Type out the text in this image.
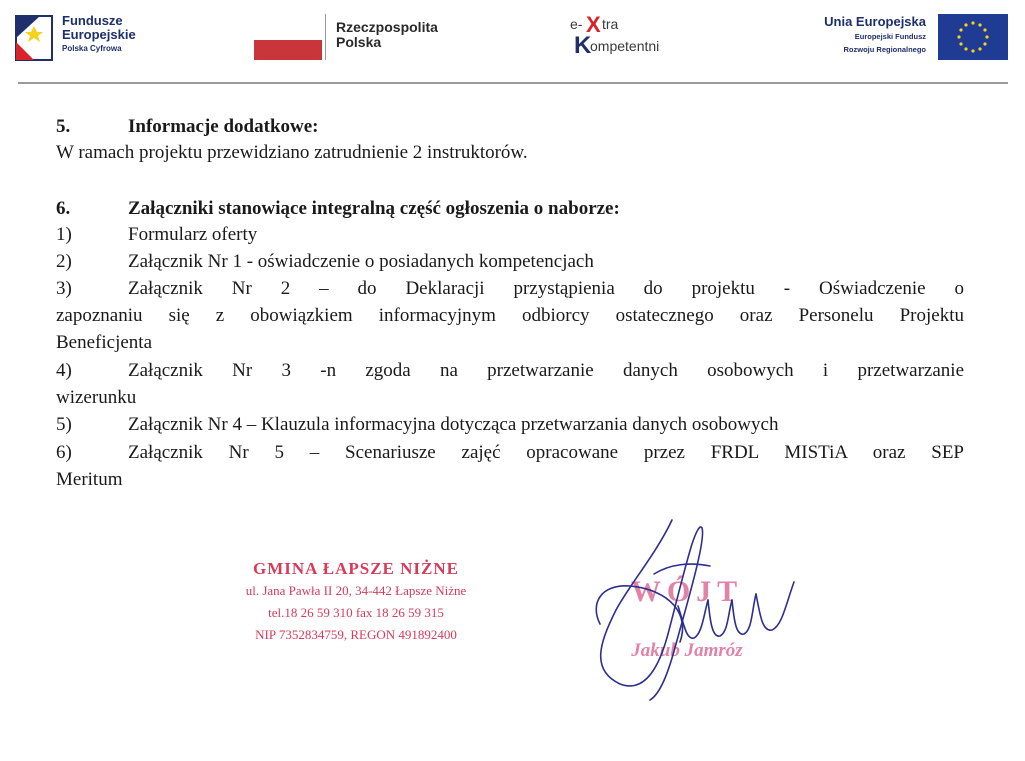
Fundusze
Europejskie
Polska Cyfrowa
Rzeczpospolita
Polska
e- X tra
K
ompetentni
Unia Europejska
Europejski Fundusz
Rozwoju Regionalnego
5.	Informacje dodatkowe:
W ramach projektu przewidziano zatrudnienie 2 instruktorów.
6.	Załączniki stanowiące integralną część ogłoszenia o naborze:
1)	Formularz oferty
2)	Załącznik Nr 1 - oświadczenie o posiadanych kompetencjach
3)	Załącznik Nr 2 – do Deklaracji przystąpienia do projektu - Oświadczenie o
zapoznaniu się z obowiązkiem informacyjnym odbiorcy ostatecznego oraz Personelu Projektu
Beneficjenta
4)	Załącznik Nr 3 -n zgoda na przetwarzanie danych osobowych i przetwarzanie
wizerunku
5)	Załącznik Nr 4 – Klauzula informacyjna dotycząca przetwarzania danych osobowych
6)	Załącznik Nr 5 – Scenariusze zajęć opracowane przez FRDL MISTiA oraz SEP
Meritum
GMINA ŁAPSZE NIŻNE
ul. Jana Pawła II 20, 34-442 Łapsze Niżne
tel.18 26 59 310 fax 18 26 59 315
NIP 7352834759, REGON 491892400
WÓJT
Jakub Jamróz
